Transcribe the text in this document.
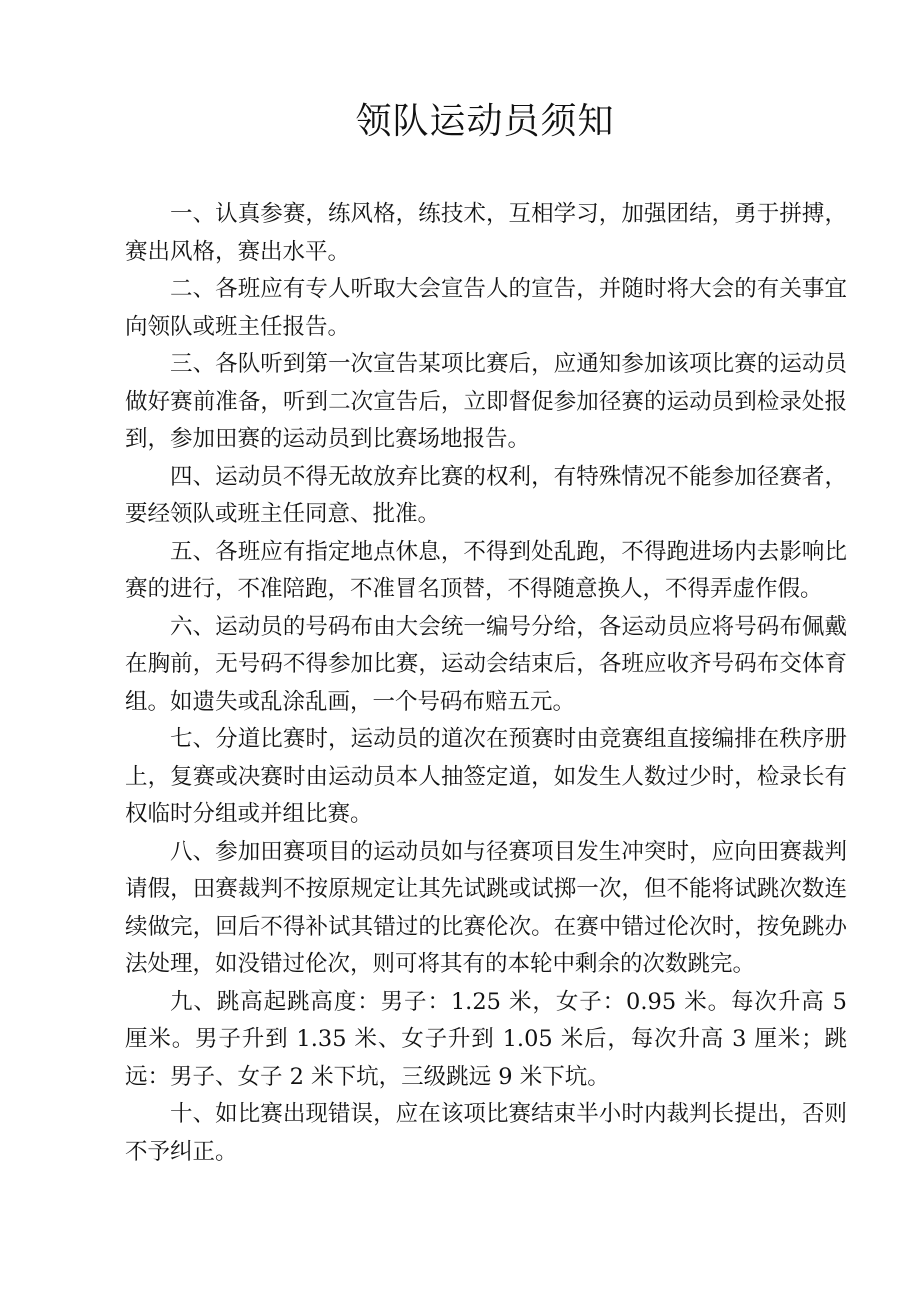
领队运动员须知

一、认真参赛，练风格，练技术，互相学习，加强团结，勇于拼搏，赛出风格，赛出水平。

二、各班应有专人听取大会宣告人的宣告，并随时将大会的有关事宜向领队或班主任报告。

三、各队听到第一次宣告某项比赛后，应通知参加该项比赛的运动员做好赛前准备，听到二次宣告后，立即督促参加径赛的运动员到检录处报到，参加田赛的运动员到比赛场地报告。

四、运动员不得无故放弃比赛的权利，有特殊情况不能参加径赛者，要经领队或班主任同意、批准。

五、各班应有指定地点休息，不得到处乱跑，不得跑进场内去影响比赛的进行，不准陪跑，不准冒名顶替，不得随意换人，不得弄虚作假。

六、运动员的号码布由大会统一编号分给，各运动员应将号码布佩戴在胸前，无号码不得参加比赛，运动会结束后，各班应收齐号码布交体育组。如遗失或乱涂乱画，一个号码布赔五元。

七、分道比赛时，运动员的道次在预赛时由竞赛组直接编排在秩序册上，复赛或决赛时由运动员本人抽签定道，如发生人数过少时，检录长有权临时分组或并组比赛。

八、参加田赛项目的运动员如与径赛项目发生冲突时，应向田赛裁判请假，田赛裁判不按原规定让其先试跳或试掷一次，但不能将试跳次数连续做完，回后不得补试其错过的比赛伦次。在赛中错过伦次时，按免跳办法处理，如没错过伦次，则可将其有的本轮中剩余的次数跳完。

九、跳高起跳高度：男子：1.25 米，女子：0.95 米。每次升高 5 厘米。男子升到 1.35 米、女子升到 1.05 米后，每次升高 3 厘米；跳远：男子、女子 2 米下坑，三级跳远 9 米下坑。

十、如比赛出现错误，应在该项比赛结束半小时内裁判长提出，否则不予纠正。
